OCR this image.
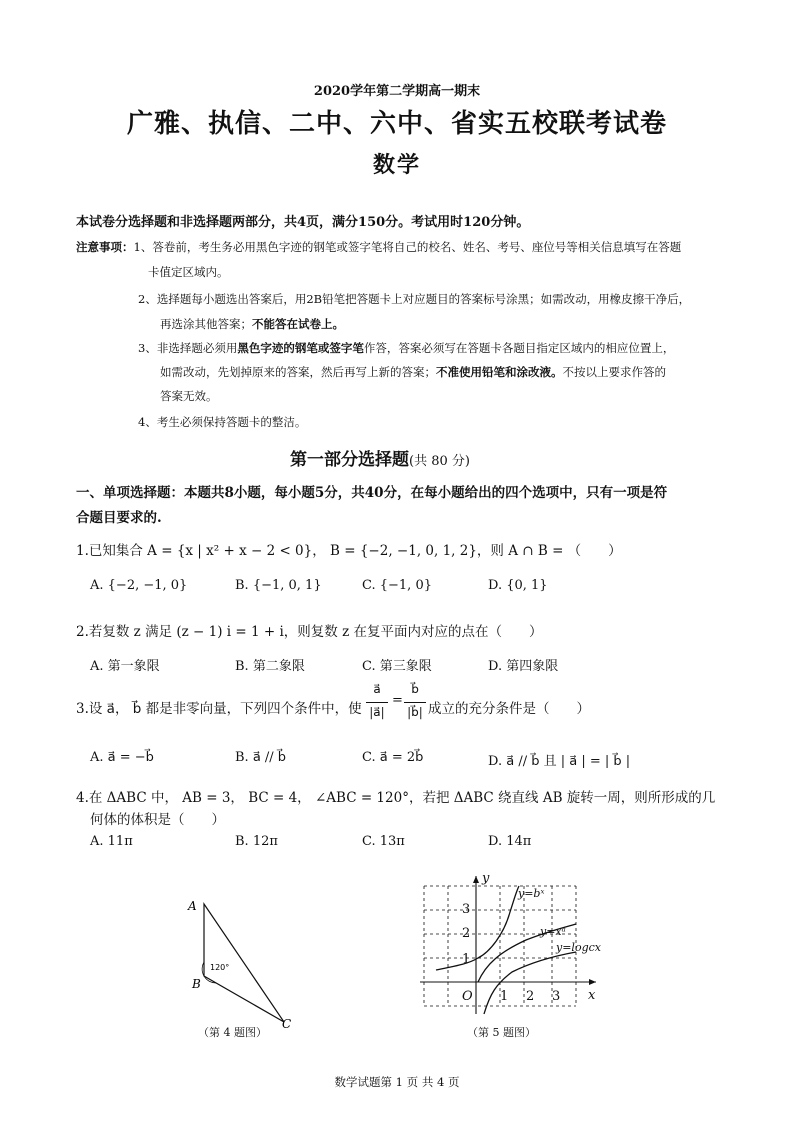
2020学年第二学期高一期末
广雅、执信、二中、六中、省实五校联考试卷
数学
本试卷分选择题和非选择题两部分，共4页，满分150分。考试用时120分钟。
注意事项：1、答卷前，考生务必用黑色字迹的钢笔或签字笔将自己的校名、姓名、考号、座位号等相关信息填写在答题
卡值定区域内。
2、选择题每小题选出答案后，用2B铅笔把答题卡上对应题目的答案标号涂黑；如需改动，用橡皮擦干净后，
再选涂其他答案；不能答在试卷上。
3、非选择题必须用黑色字迹的钢笔或签字笔作答，答案必须写在答题卡各题目指定区域内的相应位置上，
如需改动，先划掉原来的答案，然后再写上新的答案；不准使用铅笔和涂改液。不按以上要求作答的
答案无效。
4、考生必须保持答题卡的整洁。
第一部分选择题(共 80 分)
一、单项选择题：本题共8小题，每小题5分，共40分，在每小题给出的四个选项中，只有一项是符
合题目要求的.
1.已知集合 A = {x | x² + x − 2 < 0}， B = {−2, −1, 0, 1, 2}，则 A ∩ B = （　　）
A. {−2, −1, 0}	B. {−1, 0, 1}	C. {−1, 0}	D. {0, 1}
2.若复数 z 满足 (z − 1) i = 1 + i，则复数 z 在复平面内对应的点在（　　）
A. 第一象限	B. 第二象限	C. 第三象限	D. 第四象限
3.设 a⃗， b⃗ 都是非零向量，下列四个条件中，使
a⃗
|a⃗|
=
b⃗
|b⃗| 成立的充分条件是（　　）
A. a⃗ = −b⃗	B. a⃗ // b⃗	C. a⃗ = 2b⃗	D. a⃗ // b⃗ 且 | a⃗ | = | b⃗ |
4.在 ΔABC 中， AB = 3， BC = 4， ∠ABC = 120°，若把 ΔABC 绕直线 AB 旋转一周，则所形成的几
何体的体积是（　　）
A. 11π	B. 12π	C. 13π	D. 14π
A
B
C
120°
（第 4 题图）
y
x
O 1 2 3
1
2
3
y=bˣ
y=xᵃ
y=logcx
（第 5 题图）
数学试题第 1 页 共 4 页
